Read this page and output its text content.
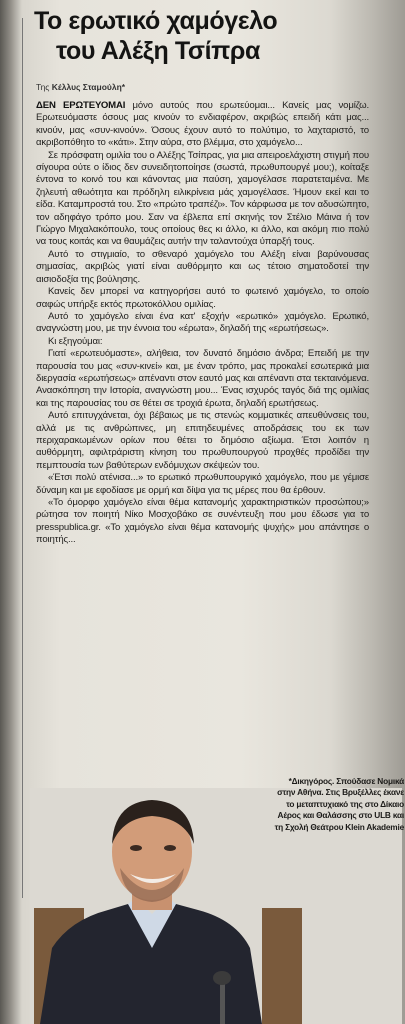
Το ερωτικό χαμόγελο
του Αλέξη Τσίπρα
Της Κέλλυς Σταμούλη*

ΔΕΝ ΕΡΩΤΕΥΟΜΑΙ μόνο αυτούς που ερωτεύομαι... Κανείς μας νομίζω. Ερωτευόμαστε όσους μας κινούν το ενδιαφέρον, ακριβώς επειδή κάτι μας... κινούν, μας «συν-κινούν». Όσους έχουν αυτό το πολύτιμο, το λαχταριστό, το ακριβοπόθητο το «κάτι». Στην αύρα, στο βλέμμα, στο χαμόγελο...

Σε πρόσφατη ομιλία του ο Αλέξης Τσίπρας, για μια απειροελάχιστη στιγμή που σίγουρα ούτε ο ίδιος δεν συνειδητοποίησε (σωστά, πρωθυπουργέ μου;), κοίταξε έντονα το κοινό του και κάνοντας μια παύση, χαμογέλασε παρατεταμένα. Με ζηλευτή αθωότητα και πρόδηλη ειλικρίνεια μάς χαμογέλασε. Ήμουν εκεί και το είδα. Καταμπροστά του. Στο «πρώτο τραπέζι». Τον κάρφωσα με τον αδυσώπητο, τον αδηφάγο τρόπο μου. Σαν να έβλεπα επί σκηνής τον Στέλιο Μάινα ή τον Γιώργο Μιχαλακόπουλο, τους οποίους θες κι άλλο, κι άλλο, και ακόμη πιο πολύ να τους κοιτάς και να θαυμάζεις αυτήν την ταλαντούχα ύπαρξή τους.

Αυτό το στιγμιαίο, το σθεναρό χαμόγελο του Αλέξη είναι βαρύνουσας σημασίας, ακριβώς γιατί είναι αυθόρμητο και ως τέτοιο σηματοδοτεί την αισιοδοξία της βούλησης.

Κανείς δεν μπορεί να κατηγορήσει αυτό το φωτεινό χαμόγελο, το οποίο σαφώς υπήρξε εκτός πρωτοκόλλου ομιλίας.

Αυτό το χαμόγελο είναι ένα κατ' εξοχήν «ερωτικό» χαμόγελο. Ερωτικό, αναγνώστη μου, με την έννοια του «έρωτα», δηλαδή της «ερωτήσεως».

Κι εξηγούμαι:

Γιατί «ερωτευόμαστε», αλήθεια, τον δυνατό δημόσιο άνδρα; Επειδή με την παρουσία του μας «συν-κινεί» και, με έναν τρόπο, μας προκαλεί εσωτερικά μια διεργασία «ερωτήσεως» απέναντι στον εαυτό μας και απέναντι στα τεκταινόμενα. Ανασκόπηση την Ιστορία, αναγνώστη μου... Ένας ισχυρός ταγός διά της ομιλίας και της παρουσίας του σε θέτει σε τροχιά έρωτα, δηλαδή ερωτήσεως.

Αυτό επιτυγχάνεται, όχι βέβαιως με τις στενώς κομματικές απευθύνσεις του, αλλά με τις ανθρώπινες, μη επιτηδευμένες αποδράσεις του εκ των περιχαρακωμένων ορίων που θέτει το δημόσιο αξίωμα. Έτσι λοιπόν η αυθόρμητη, αφιλτράριστη κίνηση του πρωθυπουργού προχθές προδίδει την πεμπτουσία των βαθύτερων ενδόμυχων σκέψεών του.

«Έτσι πολύ ατένισα...» το ερωτικό πρωθυπουργικό χαμόγελο, που με γέμισε δύναμη και με εφοδίασε με ορμή και δίψα για τις μέρες που θα έρθουν.

«Το όμορφο χαμόγελο είναι θέμα κατανομής χαρακτηριστικών προσώπου;» ρώτησα τον ποιητή Νίκο Μοσχοβάκο σε συνέντευξη που μου έδωσε για το presspublica.gr. «Το χαμόγελο είναι θέμα κατανομής ψυχής» μου απάντησε ο ποιητής...

*Δικηγόρος. Σπούδασε Νομικά στην Αθήνα. Στις Βρυξέλλες έκανε το μεταπτυχιακό της στο Δίκαιο Αέρος και Θαλάσσης στο ULB και τη Σχολή Θεάτρου Klein Akademie
